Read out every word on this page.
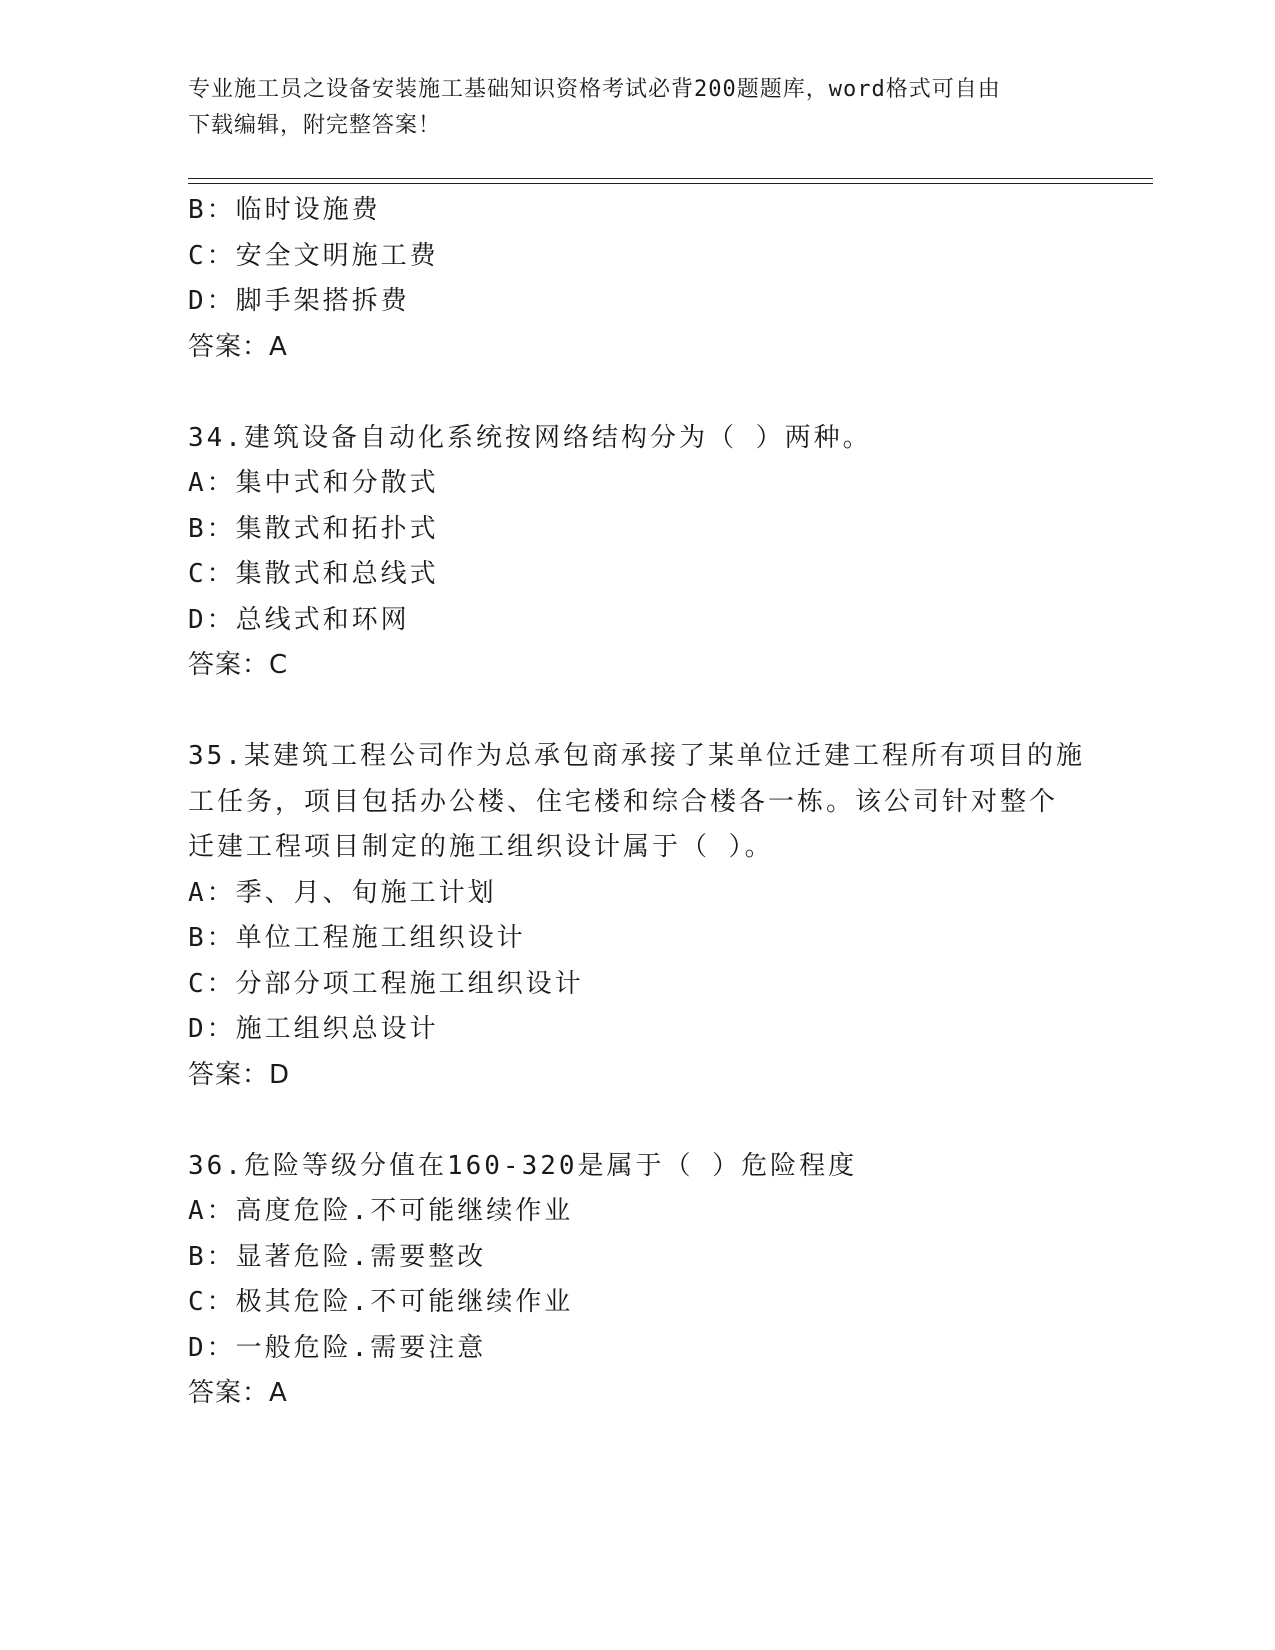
专业施工员之设备安装施工基础知识资格考试必背200题题库，word格式可自由
下载编辑，附完整答案！
B：临时设施费
C：安全文明施工费
D：脚手架搭拆费
答案：A
34.建筑设备自动化系统按网络结构分为（ ）两种。
A：集中式和分散式
B：集散式和拓扑式
C：集散式和总线式
D：总线式和环网
答案：C
35.某建筑工程公司作为总承包商承接了某单位迁建工程所有项目的施
工任务，项目包括办公楼、住宅楼和综合楼各一栋。该公司针对整个
迁建工程项目制定的施工组织设计属于（ ）。
A：季、月、旬施工计划
B：单位工程施工组织设计
C：分部分项工程施工组织设计
D：施工组织总设计
答案：D
36.危险等级分值在160-320是属于（ ）危险程度
A：高度危险.不可能继续作业
B：显著危险.需要整改
C：极其危险.不可能继续作业
D：一般危险.需要注意
答案：A
